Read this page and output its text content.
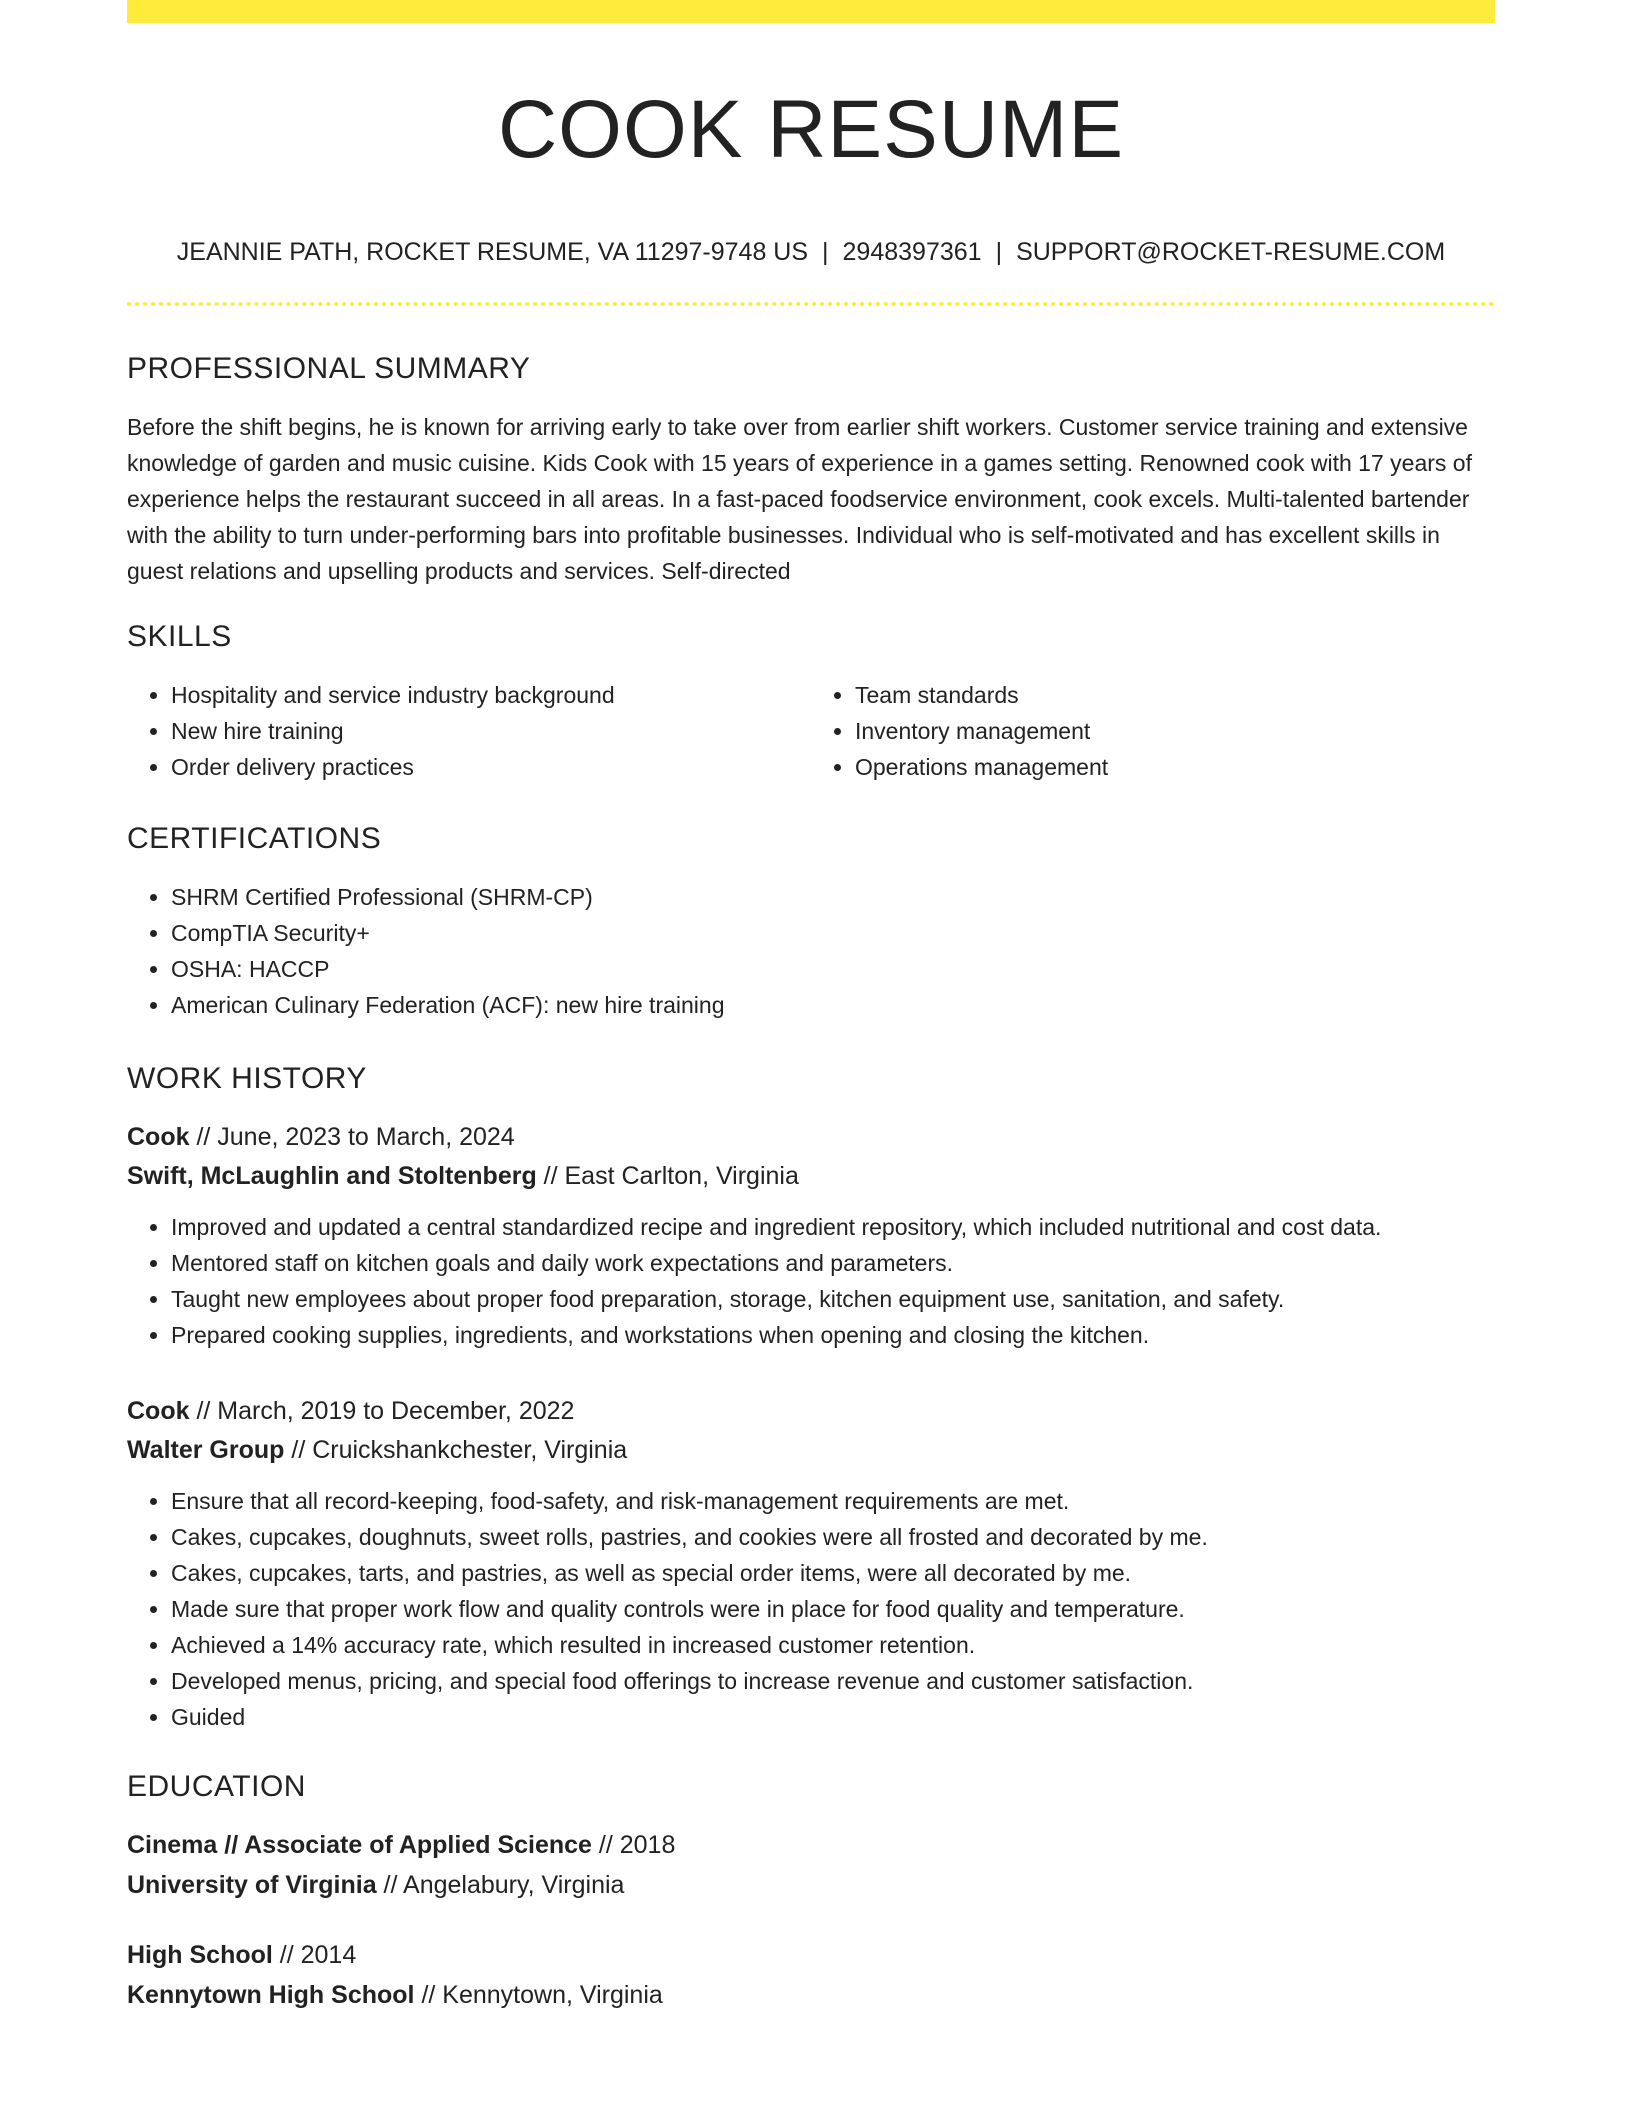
COOK RESUME
JEANNIE PATH, ROCKET RESUME, VA 11297-9748 US | 2948397361 | SUPPORT@ROCKET-RESUME.COM
PROFESSIONAL SUMMARY
Before the shift begins, he is known for arriving early to take over from earlier shift workers. Customer service training and extensive knowledge of garden and music cuisine. Kids Cook with 15 years of experience in a games setting. Renowned cook with 17 years of experience helps the restaurant succeed in all areas. In a fast-paced foodservice environment, cook excels. Multi-talented bartender with the ability to turn under-performing bars into profitable businesses. Individual who is self-motivated and has excellent skills in guest relations and upselling products and services. Self-directed
SKILLS
• Hospitality and service industry background
• New hire training
• Order delivery practices
• Team standards
• Inventory management
• Operations management
CERTIFICATIONS
• SHRM Certified Professional (SHRM-CP)
• CompTIA Security+
• OSHA: HACCP
• American Culinary Federation (ACF): new hire training
WORK HISTORY
Cook // June, 2023 to March, 2024
Swift, McLaughlin and Stoltenberg // East Carlton, Virginia
• Improved and updated a central standardized recipe and ingredient repository, which included nutritional and cost data.
• Mentored staff on kitchen goals and daily work expectations and parameters.
• Taught new employees about proper food preparation, storage, kitchen equipment use, sanitation, and safety.
• Prepared cooking supplies, ingredients, and workstations when opening and closing the kitchen.
Cook // March, 2019 to December, 2022
Walter Group // Cruickshankchester, Virginia
• Ensure that all record-keeping, food-safety, and risk-management requirements are met.
• Cakes, cupcakes, doughnuts, sweet rolls, pastries, and cookies were all frosted and decorated by me.
• Cakes, cupcakes, tarts, and pastries, as well as special order items, were all decorated by me.
• Made sure that proper work flow and quality controls were in place for food quality and temperature.
• Achieved a 14% accuracy rate, which resulted in increased customer retention.
• Developed menus, pricing, and special food offerings to increase revenue and customer satisfaction.
• Guided
EDUCATION
Cinema // Associate of Applied Science // 2018
University of Virginia // Angelabury, Virginia
High School // 2014
Kennytown High School // Kennytown, Virginia
